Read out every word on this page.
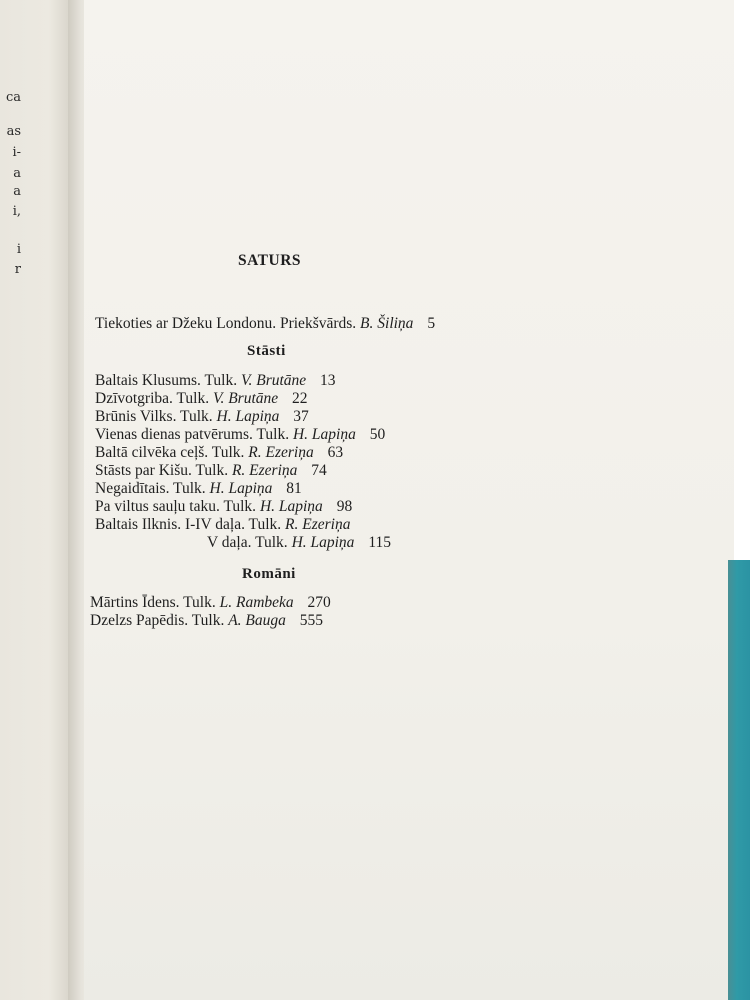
ca
as
i-
a
a
i,
i
r
SATURS
Tiekoties ar Džeku Londonu. Priekšvārds. B. Šiliņa 5
Stāsti
Baltais Klusums. Tulk. V. Brutāne 13
Dzīvotgriba. Tulk. V. Brutāne 22
Brūnis Vilks. Tulk. H. Lapiņa 37
Vienas dienas patvērums. Tulk. H. Lapiņa 50
Baltā cilvēka ceļš. Tulk. R. Ezeriņa 63
Stāsts par Kišu. Tulk. R. Ezeriņa 74
Negaidītais. Tulk. H. Lapiņa 81
Pa viltus sauļu taku. Tulk. H. Lapiņa 98
Baltais Ilknis. I-IV daļa. Tulk. R. Ezeriņa
V daļa. Tulk. H. Lapiņa 115
Romāni
Mārtins Īdens. Tulk. L. Rambeka 270
Dzelzs Papēdis. Tulk. A. Bauga 555
